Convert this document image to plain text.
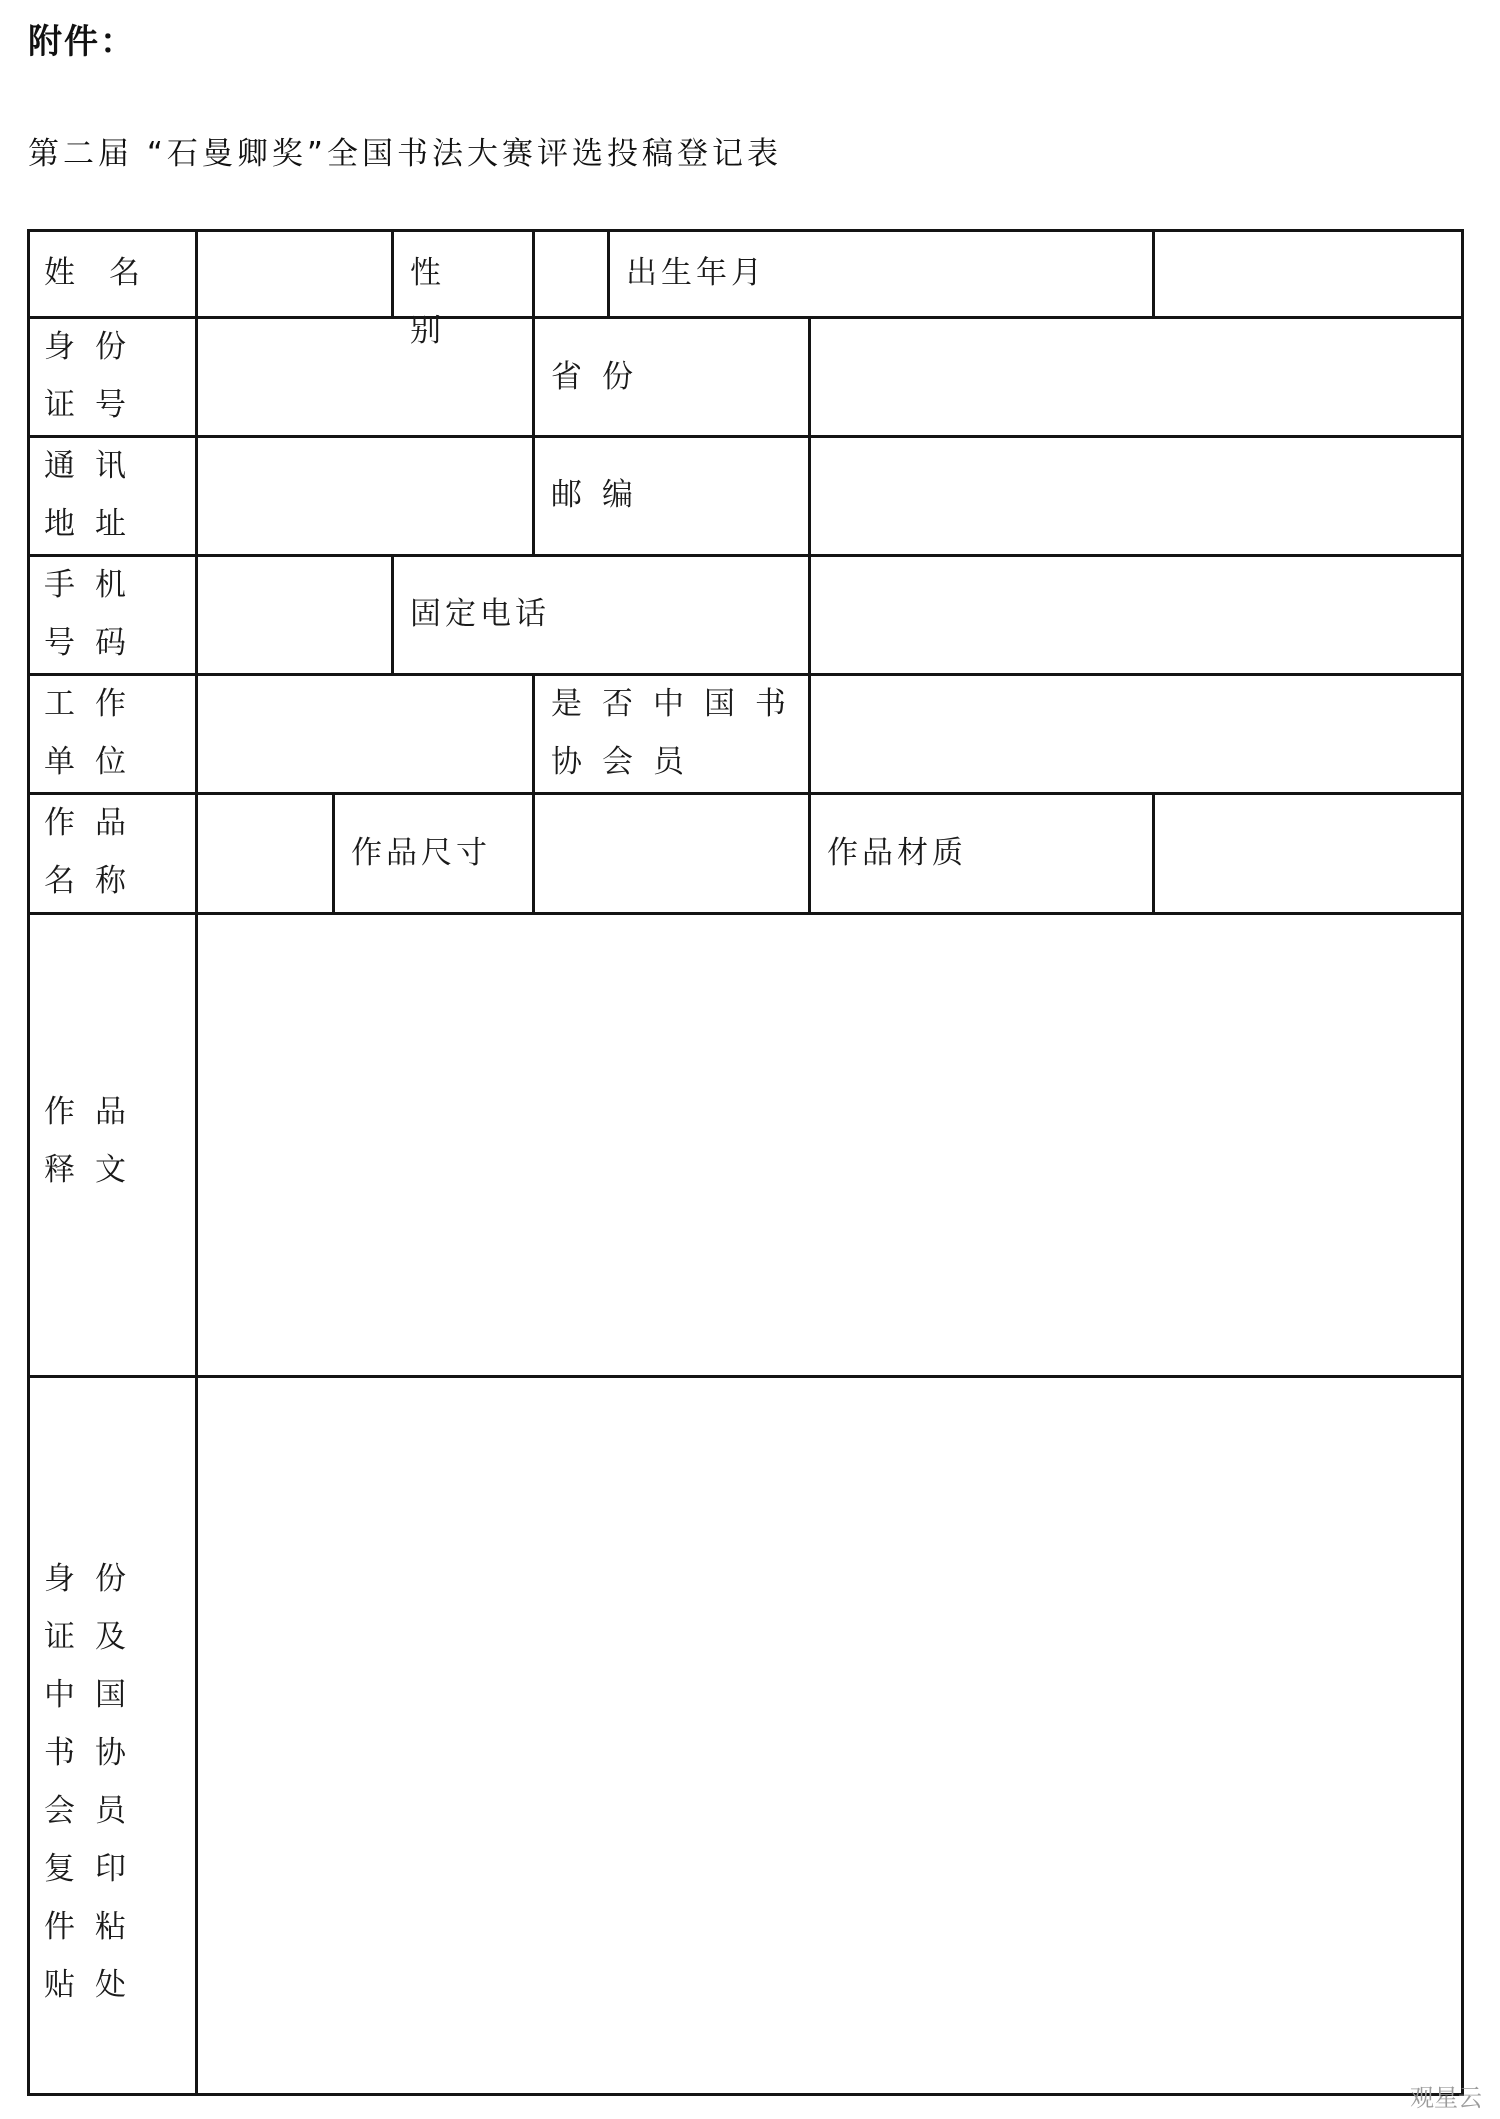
附件：
第二届 “石曼卿奖”全国书法大赛评选投稿登记表
姓名	性别
出生年月
身份证号
省份
通讯地址
邮编
手机号码
固定电话
工作单位
是否中国书协会员
作品名称
作品尺寸	作品材质
作品释文
身份证及中国书协会员复印件粘贴处
观星云
